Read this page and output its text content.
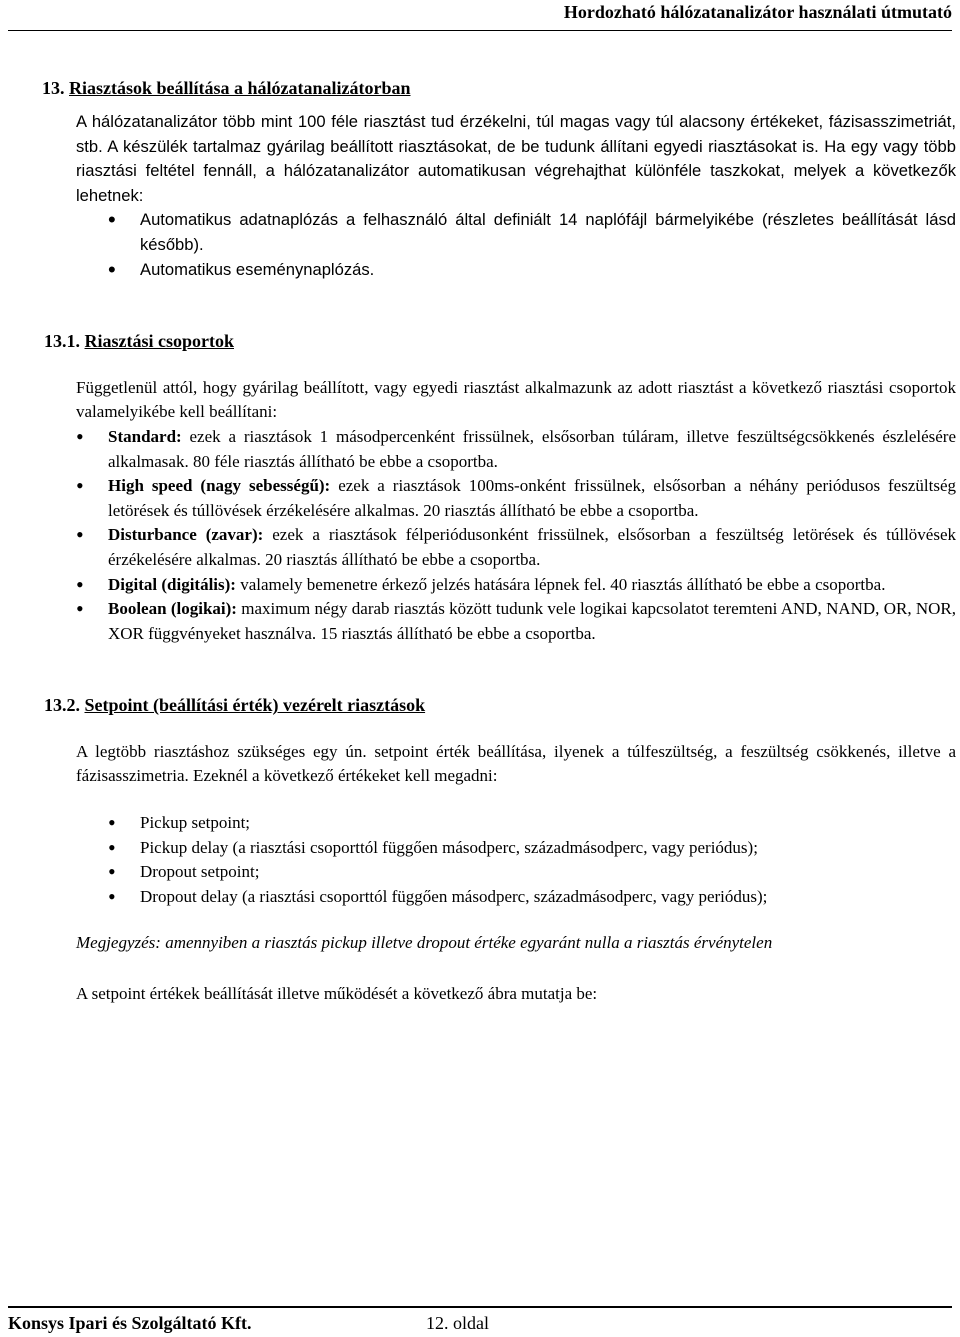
Hordozható hálózatanalizátor használati útmutató
13. Riasztások beállítása a hálózatanalizátorban

A hálózatanalizátor több mint 100 féle riasztást tud érzékelni, túl magas vagy túl alacsony értékeket, fázisasszimetriát, stb. A készülék tartalmaz gyárilag beállított riasztásokat, de be tudunk állítani egyedi riasztásokat is. Ha egy vagy több riasztási feltétel fennáll, a hálózatanalizátor automatikusan végrehajthat különféle taszkokat, melyek a következők lehetnek:

• Automatikus adatnaplózás a felhasználó által definiált 14 naplófájl bármelyikébe (részletes beállítását lásd később).
• Automatikus eseménynaplózás.
13.1. Riasztási csoportok

Függetlenül attól, hogy gyárilag beállított, vagy egyedi riasztást alkalmazunk az adott riasztást a következő riasztási csoportok valamelyikébe kell beállítani:

• Standard: ezek a riasztások 1 másodpercenként frissülnek, elsősorban túláram, illetve feszültségcsökkenés észlelésére alkalmasak. 80 féle riasztás állítható be ebbe a csoportba.
• High speed (nagy sebességű): ezek a riasztások 100ms-onként frissülnek, elsősorban a néhány periódusos feszültség letörések és túllövések érzékelésére alkalmas. 20 riasztás állítható be ebbe a csoportba.
• Disturbance (zavar): ezek a riasztások félperiódusonként frissülnek, elsősorban a feszültség letörések és túllövések érzékelésére alkalmas. 20 riasztás állítható be ebbe a csoportba.
• Digital (digitális): valamely bemenetre érkező jelzés hatására lépnek fel. 40 riasztás állítható be ebbe a csoportba.
• Boolean (logikai): maximum négy darab riasztás között tudunk vele logikai kapcsolatot teremteni AND, NAND, OR, NOR, XOR függvényeket használva. 15 riasztás állítható be ebbe a csoportba.
13.2. Setpoint (beállítási érték) vezérelt riasztások

A legtöbb riasztáshoz szükséges egy ún. setpoint érték beállítása, ilyenek a túlfeszültség, a feszültség csökkenés, illetve a fázisasszimetria. Ezeknél a következő értékeket kell megadni:

• Pickup setpoint;
• Pickup delay (a riasztási csoporttól függően másodperc, századmásodperc, vagy periódus);
• Dropout setpoint;
• Dropout delay (a riasztási csoporttól függően másodperc, századmásodperc, vagy periódus);

Megjegyzés: amennyiben a riasztás pickup illetve dropout értéke egyaránt nulla a riasztás érvénytelen

A setpoint értékek beállítását illetve működését a következő ábra mutatja be:

Konsys Ipari és Szolgáltató Kft.	12. oldal
